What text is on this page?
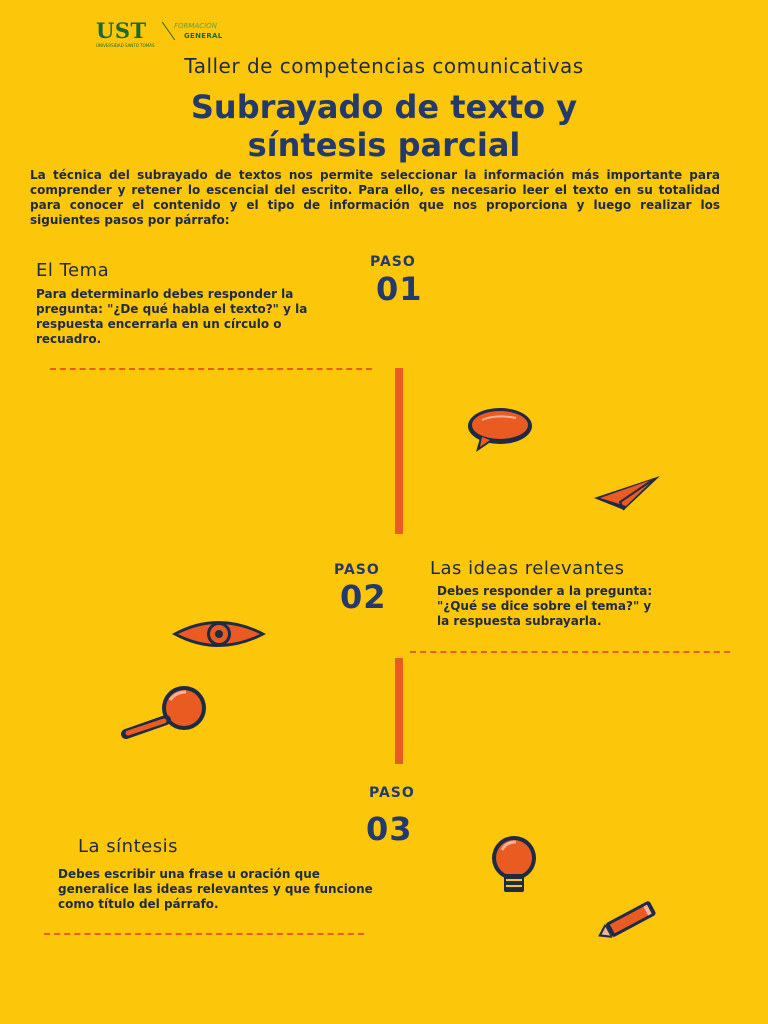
UST
UNIVERSIDAD SANTO TOMÁS
FORMACIÓN
GENERAL
Taller de competencias comunicativas
Subrayado de texto y
síntesis parcial
La técnica del subrayado de textos nos permite seleccionar la información más importante para comprender y retener lo escencial del escrito. Para ello, es necesario leer el texto en su totalidad para conocer el contenido y el tipo de información que nos proporciona y luego realizar los siguientes pasos por párrafo:
PASO
01
El Tema
Para determinarlo debes responder la pregunta: "¿De qué habla el texto?" y la respuesta encerrarla en un círculo o recuadro.
PASO
02
Las ideas relevantes
Debes responder a la pregunta: "¿Qué se dice sobre el tema?" y la respuesta subrayarla.
PASO
03
La síntesis
Debes escribir una frase u oración que generalice las ideas relevantes y que funcione como título del párrafo.
